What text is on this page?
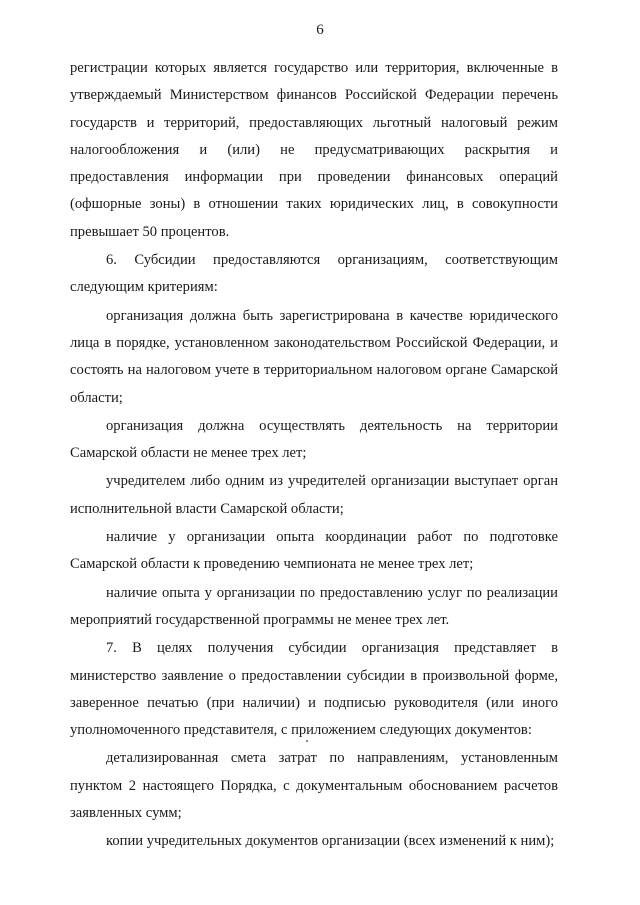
6

регистрации которых является государство или территория, включенные в утверждаемый Министерством финансов Российской Федерации перечень государств и территорий, предоставляющих льготный налоговый режим налогообложения и (или) не предусматривающих раскрытия и предоставления информации при проведении финансовых операций (офшорные зоны) в отношении таких юридических лиц, в совокупности превышает 50 процентов.

6. Субсидии предоставляются организациям, соответствующим следующим критериям:

организация должна быть зарегистрирована в качестве юридического лица в порядке, установленном законодательством Российской Федерации, и состоять на налоговом учете в территориальном налоговом органе Самарской области;

организация должна осуществлять деятельность на территории Самарской области не менее трех лет;

учредителем либо одним из учредителей организации выступает орган исполнительной власти Самарской области;

наличие у организации опыта координации работ по подготовке Самарской области к проведению чемпионата не менее трех лет;

наличие опыта у организации по предоставлению услуг по реализации мероприятий государственной программы не менее трех лет.

7. В целях получения субсидии организация представляет в министерство заявление о предоставлении субсидии в произвольной форме, заверенное печатью (при наличии) и подписью руководителя (или иного уполномоченного представителя, с приложением следующих документов:

детализированная смета затрат по направлениям, установленным пунктом 2 настоящего Порядка, с документальным обоснованием расчетов заявленных сумм;

копии учредительных документов организации (всех изменений к ним);
